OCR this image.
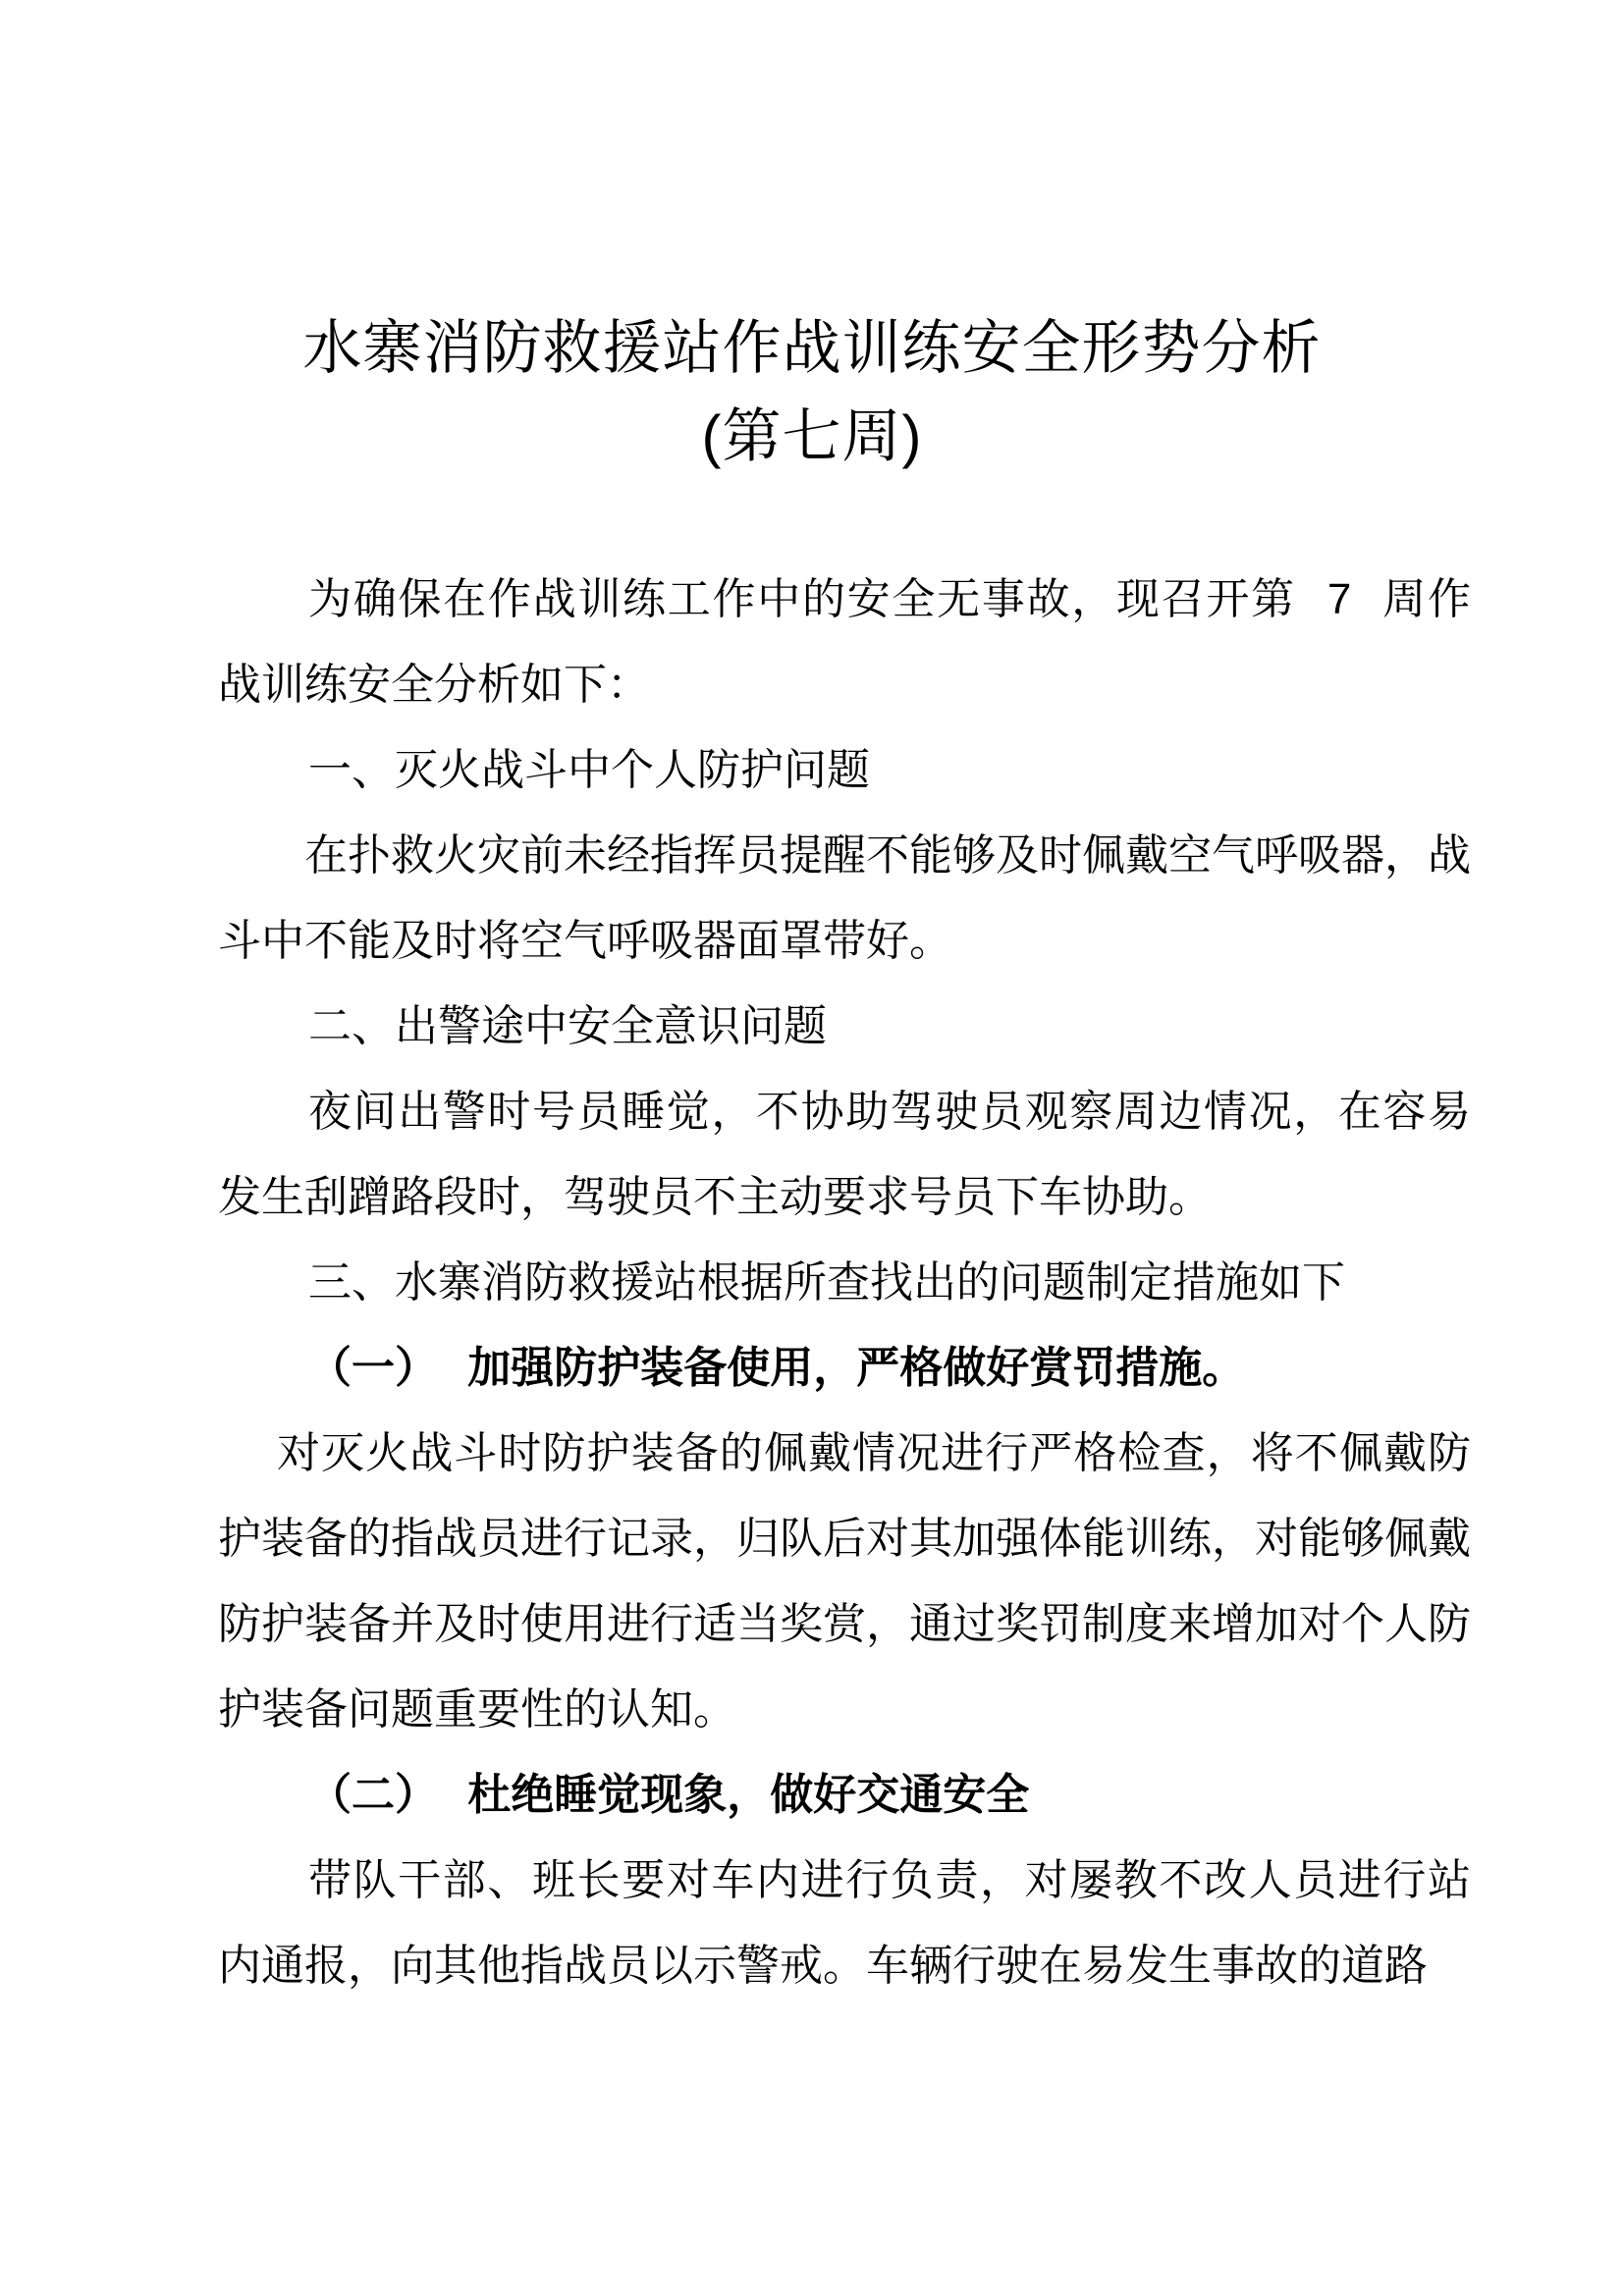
水寨消防救援站作战训练安全形势分析
(第七周)

为确保在作战训练工作中的安全无事故，现召开第 7 周作战训练安全分析如下：

一、灭火战斗中个人防护问题

在扑救火灾前未经指挥员提醒不能够及时佩戴空气呼吸器，战斗中不能及时将空气呼吸器面罩带好。

二、出警途中安全意识问题

夜间出警时号员睡觉，不协助驾驶员观察周边情况，在容易发生刮蹭路段时，驾驶员不主动要求号员下车协助。

三、水寨消防救援站根据所查找出的问题制定措施如下

（一） 加强防护装备使用，严格做好赏罚措施。

对灭火战斗时防护装备的佩戴情况进行严格检查，将不佩戴防护装备的指战员进行记录，归队后对其加强体能训练，对能够佩戴防护装备并及时使用进行适当奖赏，通过奖罚制度来增加对个人防护装备问题重要性的认知。

（二） 杜绝睡觉现象，做好交通安全

带队干部、班长要对车内进行负责，对屡教不改人员进行站内通报，向其他指战员以示警戒。车辆行驶在易发生事故的道路
